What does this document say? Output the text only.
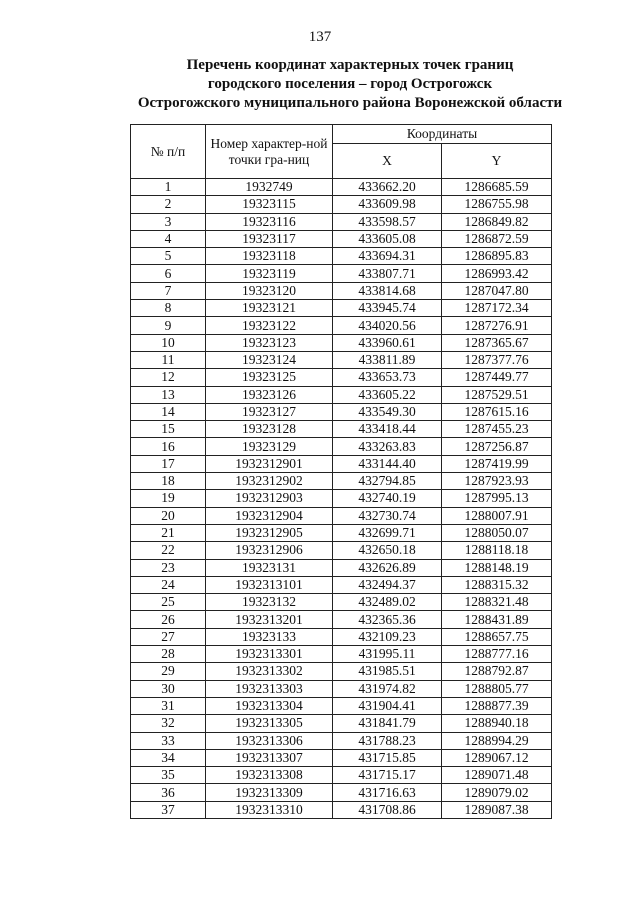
137
Перечень координат характерных точек границ
городского поселения – город Острогожск
Острогожского муниципального района Воронежской области
№ п/п	Номер характер-ной точки гра-ниц	Координаты	
		X	Y
1	1932749	433662.20	1286685.59
2	19323115	433609.98	1286755.98
3	19323116	433598.57	1286849.82
4	19323117	433605.08	1286872.59
5	19323118	433694.31	1286895.83
6	19323119	433807.71	1286993.42
7	19323120	433814.68	1287047.80
8	19323121	433945.74	1287172.34
9	19323122	434020.56	1287276.91
10	19323123	433960.61	1287365.67
11	19323124	433811.89	1287377.76
12	19323125	433653.73	1287449.77
13	19323126	433605.22	1287529.51
14	19323127	433549.30	1287615.16
15	19323128	433418.44	1287455.23
16	19323129	433263.83	1287256.87
17	1932312901	433144.40	1287419.99
18	1932312902	432794.85	1287923.93
19	1932312903	432740.19	1287995.13
20	1932312904	432730.74	1288007.91
21	1932312905	432699.71	1288050.07
22	1932312906	432650.18	1288118.18
23	19323131	432626.89	1288148.19
24	1932313101	432494.37	1288315.32
25	19323132	432489.02	1288321.48
26	1932313201	432365.36	1288431.89
27	19323133	432109.23	1288657.75
28	1932313301	431995.11	1288777.16
29	1932313302	431985.51	1288792.87
30	1932313303	431974.82	1288805.77
31	1932313304	431904.41	1288877.39
32	1932313305	431841.79	1288940.18
33	1932313306	431788.23	1288994.29
34	1932313307	431715.85	1289067.12
35	1932313308	431715.17	1289071.48
36	1932313309	431716.63	1289079.02
37	1932313310	431708.86	1289087.38
